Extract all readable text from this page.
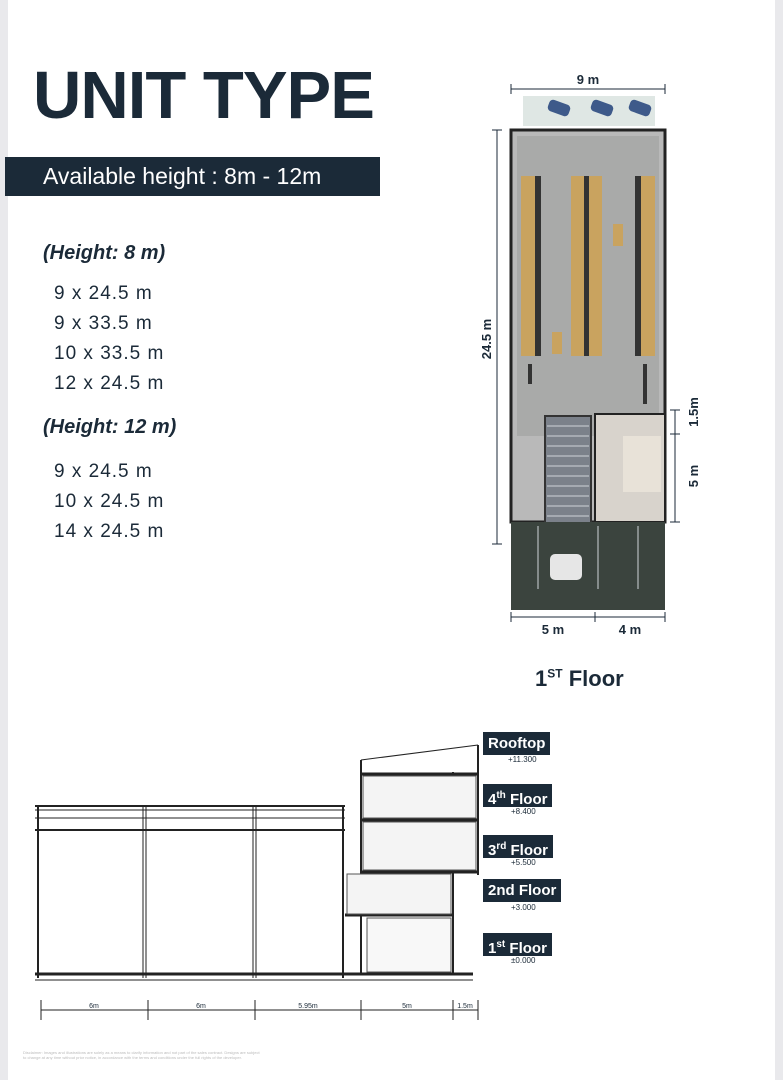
UNIT TYPE
Available height : 8m - 12m
(Height: 8 m)
9 x 24.5 m
9 x 33.5 m
10 x 33.5 m
12 x 24.5 m
(Height: 12 m)
9 x 24.5 m
10 x 24.5 m
14 x 24.5 m
9 m
24.5 m
1.5m
5 m
5 m	4 m
1ST Floor
6m	6m	5.95m	5m	1.5m
Rooftop
+11.300
4th Floor
+8.400
3rd Floor
+5.500
2nd Floor
+3.000
1st Floor
±0.000
Disclaimer: Images and illustrations are solely as a means to clarify information and not part of the sales contract. Designs are subject to change at any time without prior notice, in accordance with the terms and conditions under the full rights of the developer.
